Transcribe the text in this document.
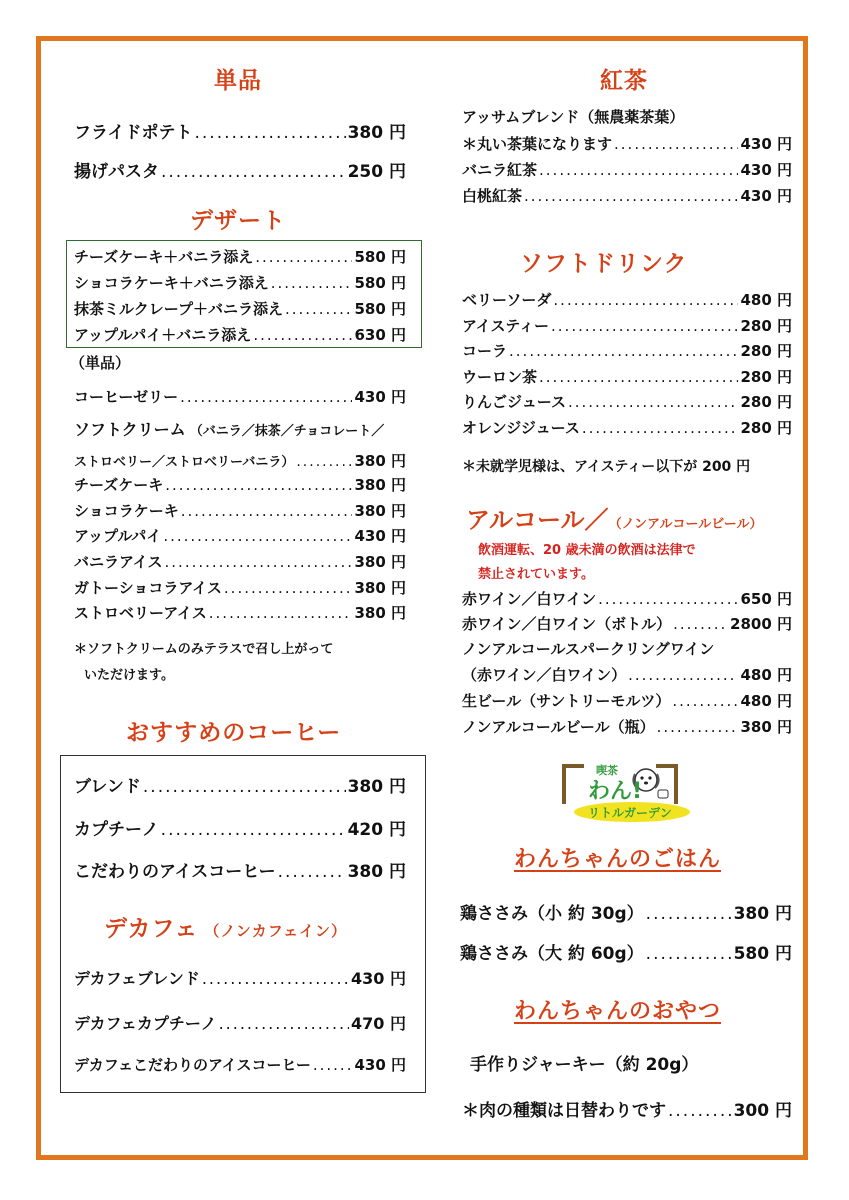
単品
フライドポテト .....	380 円
揚げパスタ .....	250 円
デザート
チーズケーキ＋バニラ添え .....	580 円
ショコラケーキ＋バニラ添え .....	580 円
抹茶ミルクレープ＋バニラ添え .....	580 円
アップルパイ＋バニラ添え .....	630 円
（単品）
コーヒーゼリー .....	430 円
ソフトクリーム （バニラ／抹茶／チョコレート／
ストロベリー／ストロベリーバニラ） .....	380 円
チーズケーキ .....	380 円
ショコラケーキ .....	380 円
アップルパイ .....	430 円
バニラアイス .....	380 円
ガトーショコラアイス .....	380 円
ストロベリーアイス .....	380 円
＊ソフトクリームのみテラスで召し上がって
いただけます。
おすすめのコーヒー
ブレンド .....	380 円
カプチーノ .....	420 円
こだわりのアイスコーヒー .....	380 円
デカフェ （ノンカフェイン）
デカフェブレンド .....	430 円
デカフェカプチーノ .....	470 円
デカフェこだわりのアイスコーヒー .....	430 円
紅茶
アッサムブレンド（無農薬茶葉）
＊丸い茶葉になります .....	430 円
バニラ紅茶 .....	430 円
白桃紅茶 .....	430 円
ソフトドリンク
ベリーソーダ .....	480 円
アイスティー .....	280 円
コーラ .....	280 円
ウーロン茶 .....	280 円
りんごジュース .....	280 円
オレンジジュース .....	280 円
＊未就学児様は、アイスティー以下が 200 円
アルコール／（ノンアルコールビール）
飲酒運転、20 歳未満の飲酒は法律で
禁止されています。
赤ワイン／白ワイン .....	650 円
赤ワイン／白ワイン（ボトル） .....	2800 円
ノンアルコールスパークリングワイン
（赤ワイン／白ワイン） .....	480 円
生ビール（サントリーモルツ） .....	480 円
ノンアルコールビール（瓶） .....	380 円
喫茶
わん!
リトルガーデン
わんちゃんのごはん
鶏ささみ（小 約 30g） .....	380 円
鶏ささみ（大 約 60g） .....	580 円
わんちゃんのおやつ
手作りジャーキー（約 20g）
＊肉の種類は日替わりです .....	300 円
